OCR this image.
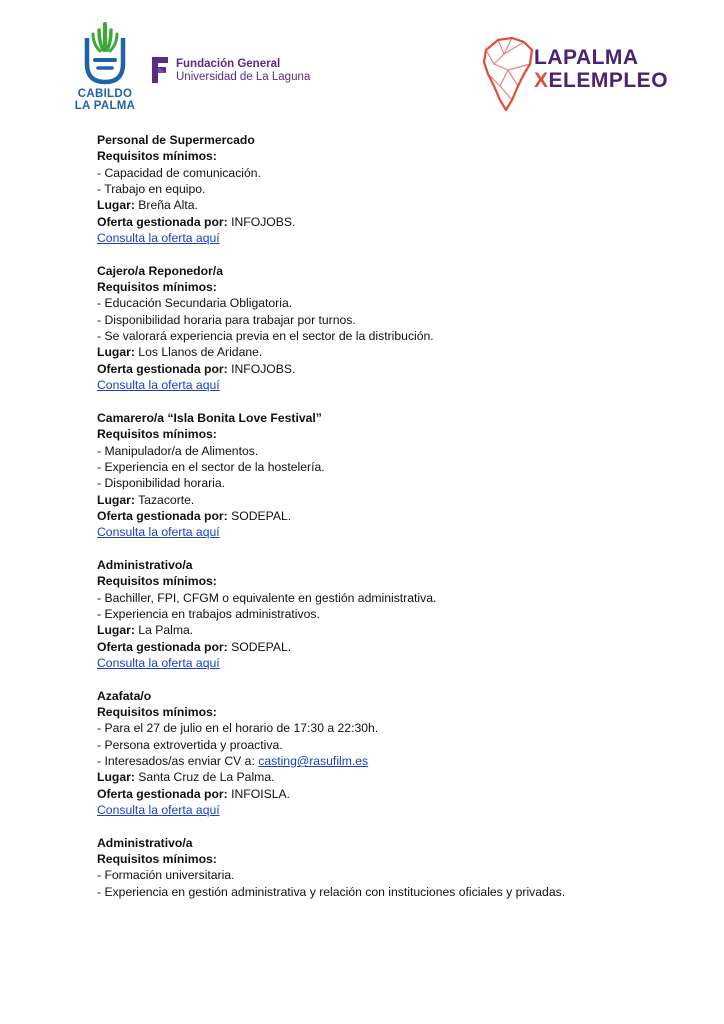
CABILDO
LA PALMA
Fundación General
Universidad de La Laguna
LAPALMA
XELEMPLEO
Personal de Supermercado
Requisitos mínimos:
- Capacidad de comunicación.
- Trabajo en equipo.
Lugar: Breña Alta.
Oferta gestionada por: INFOJOBS.
Consulta la oferta aquí
Cajero/a Reponedor/a
Requisitos mínimos:
- Educación Secundaria Obligatoria.
- Disponibilidad horaria para trabajar por turnos.
- Se valorará experiencia previa en el sector de la distribución.
Lugar: Los Llanos de Aridane.
Oferta gestionada por: INFOJOBS.
Consulta la oferta aquí
Camarero/a “Isla Bonita Love Festival”
Requisitos mínimos:
- Manipulador/a de Alimentos.
- Experiencia en el sector de la hostelería.
- Disponibilidad horaria.
Lugar: Tazacorte.
Oferta gestionada por: SODEPAL.
Consulta la oferta aquí
Administrativo/a
Requisitos mínimos:
- Bachiller, FPI, CFGM o equivalente en gestión administrativa.
- Experiencia en trabajos administrativos.
Lugar: La Palma.
Oferta gestionada por: SODEPAL.
Consulta la oferta aquí
Azafata/o
Requisitos mínimos:
- Para el 27 de julio en el horario de 17:30 a 22:30h.
- Persona extrovertida y proactiva.
- Interesados/as enviar CV a: casting@rasufilm.es
Lugar: Santa Cruz de La Palma.
Oferta gestionada por: INFOISLA.
Consulta la oferta aquí
Administrativo/a
Requisitos mínimos:
- Formación universitaria.
- Experiencia en gestión administrativa y relación con instituciones oficiales y privadas.
